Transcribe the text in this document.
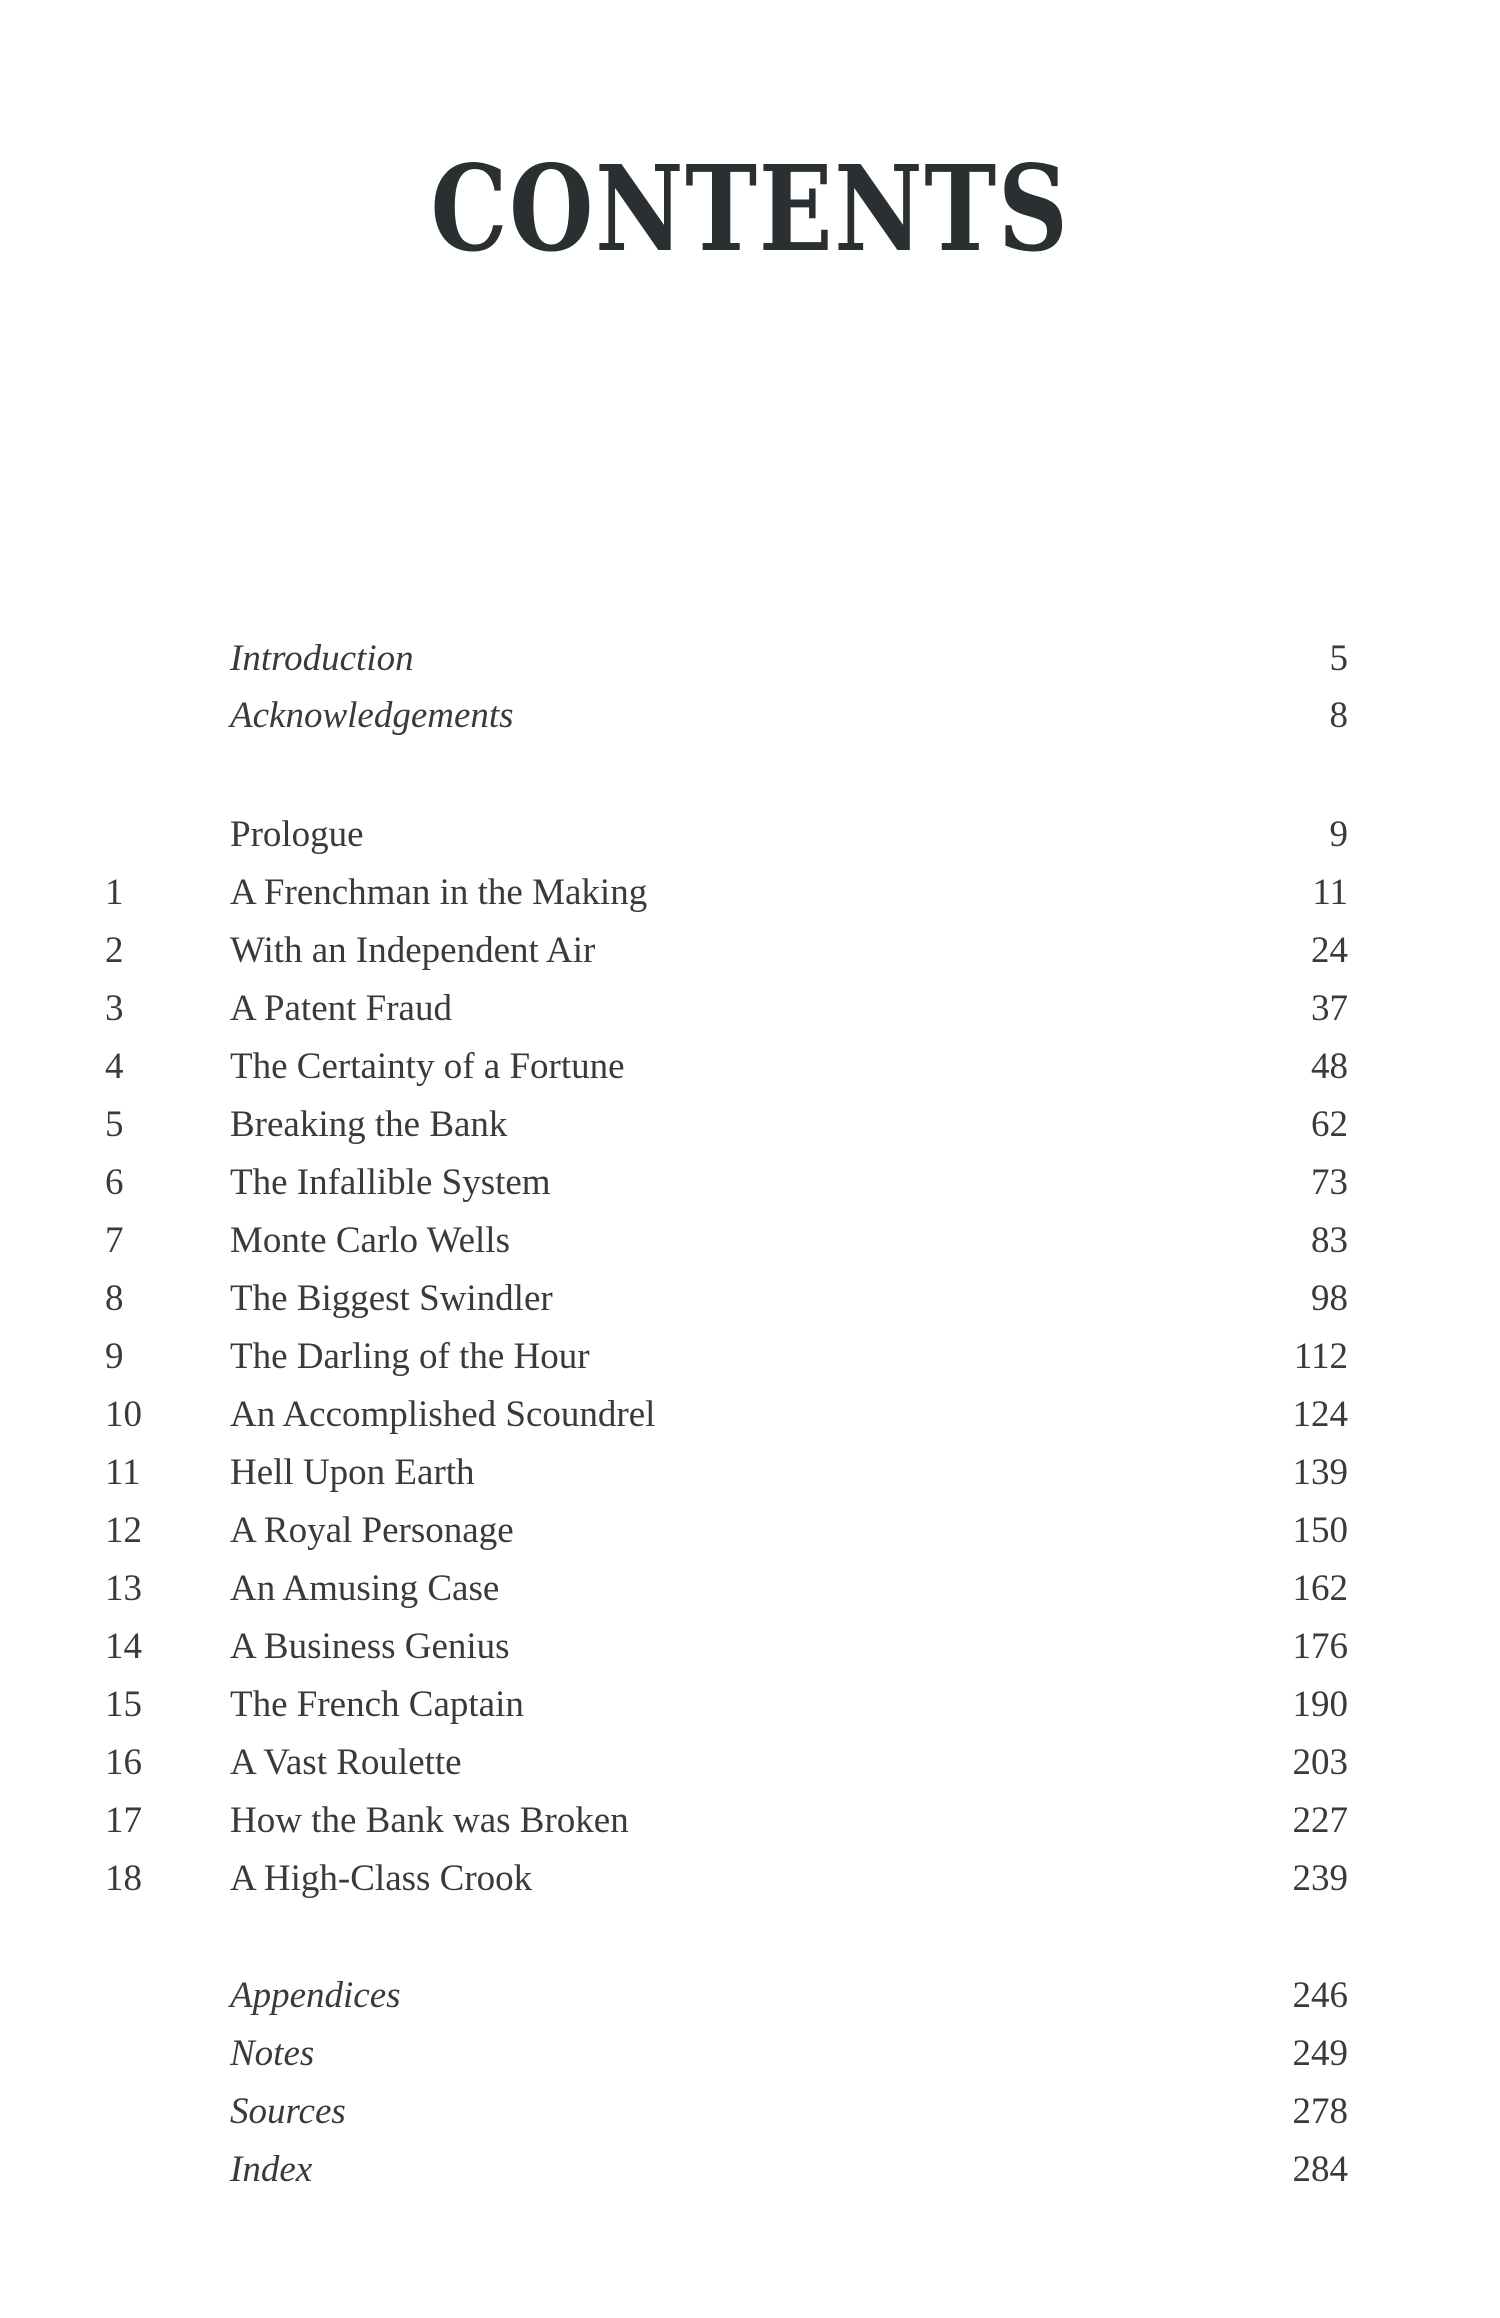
CONTENTS
Introduction	5
Acknowledgements	8
Prologue	9
1	A Frenchman in the Making	11
2	With an Independent Air	24
3	A Patent Fraud	37
4	The Certainty of a Fortune	48
5	Breaking the Bank	62
6	The Infallible System	73
7	Monte Carlo Wells	83
8	The Biggest Swindler	98
9	The Darling of the Hour	112
10	An Accomplished Scoundrel	124
11	Hell Upon Earth	139
12	A Royal Personage	150
13	An Amusing Case	162
14	A Business Genius	176
15	The French Captain	190
16	A Vast Roulette	203
17	How the Bank was Broken	227
18	A High-Class Crook	239
Appendices	246
Notes	249
Sources	278
Index	284
